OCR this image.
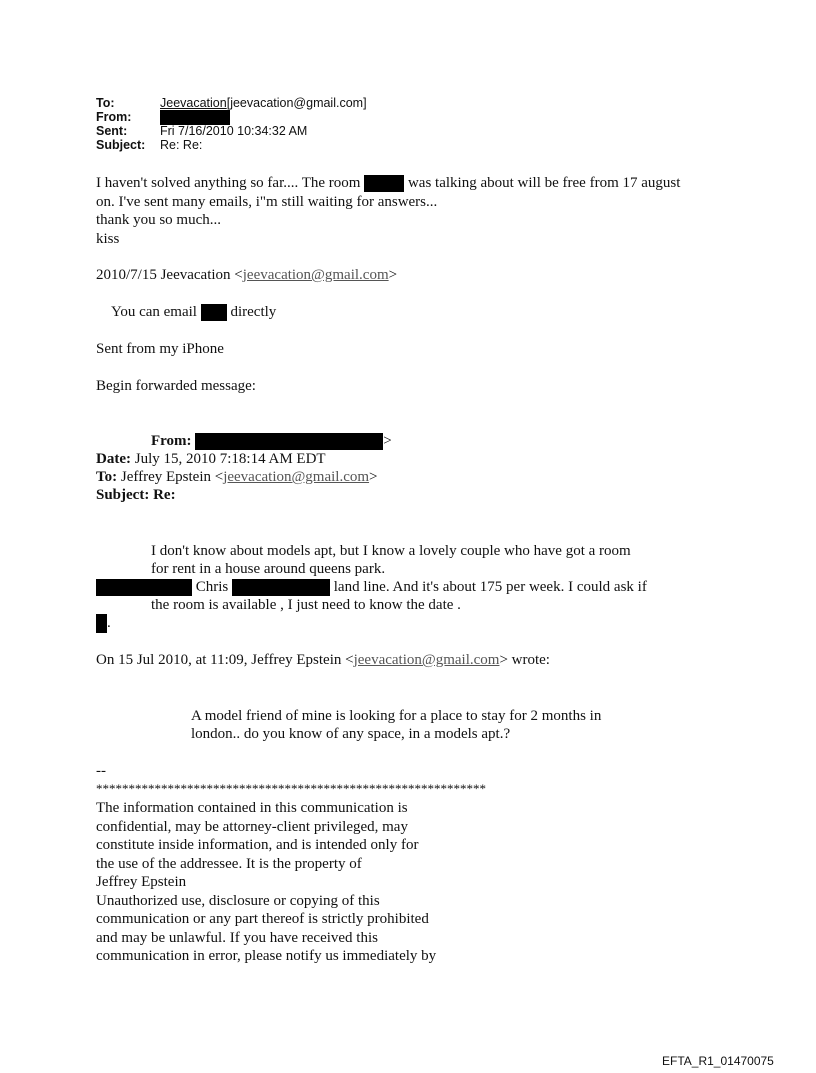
To:	Jeevacation[jeevacation@gmail.com]
From:
Sent:	Fri 7/16/2010 10:34:32 AM
Subject: Re: Re:
I haven't solved anything so far.... The room	was talking about will be free from 17 august
on. I've sent many emails, i"m still waiting for answers...
thank you so much...
kiss
2010/7/15 Jeevacation <jeevacation@gmail.com>
You can email directly
Sent from my iPhone
Begin forwarded message:
From:	>
Date: July 15, 2010 7:18:14 AM EDT
To: Jeffrey Epstein <jeevacation@gmail.com>
Subject: Re:
I don't know about models apt, but I know a lovely couple who have got a room
for rent in a house around queens park.
Chris	land line. And it's about 175 per week. I could ask if
the room is available , I just need to know the date .
.
On 15 Jul 2010, at 11:09, Jeffrey Epstein <jeevacation@gmail.com> wrote:
A model friend of mine is looking for a place to stay for 2 months in
london.. do you know of any space, in a models apt.?
--
************************************************************
The information contained in this communication is
confidential, may be attorney-client privileged, may
constitute inside information, and is intended only for
the use of the addressee. It is the property of
Jeffrey Epstein
Unauthorized use, disclosure or copying of this
communication or any part thereof is strictly prohibited
and may be unlawful. If you have received this
communication in error, please notify us immediately by
EFTA_R1_01470075
